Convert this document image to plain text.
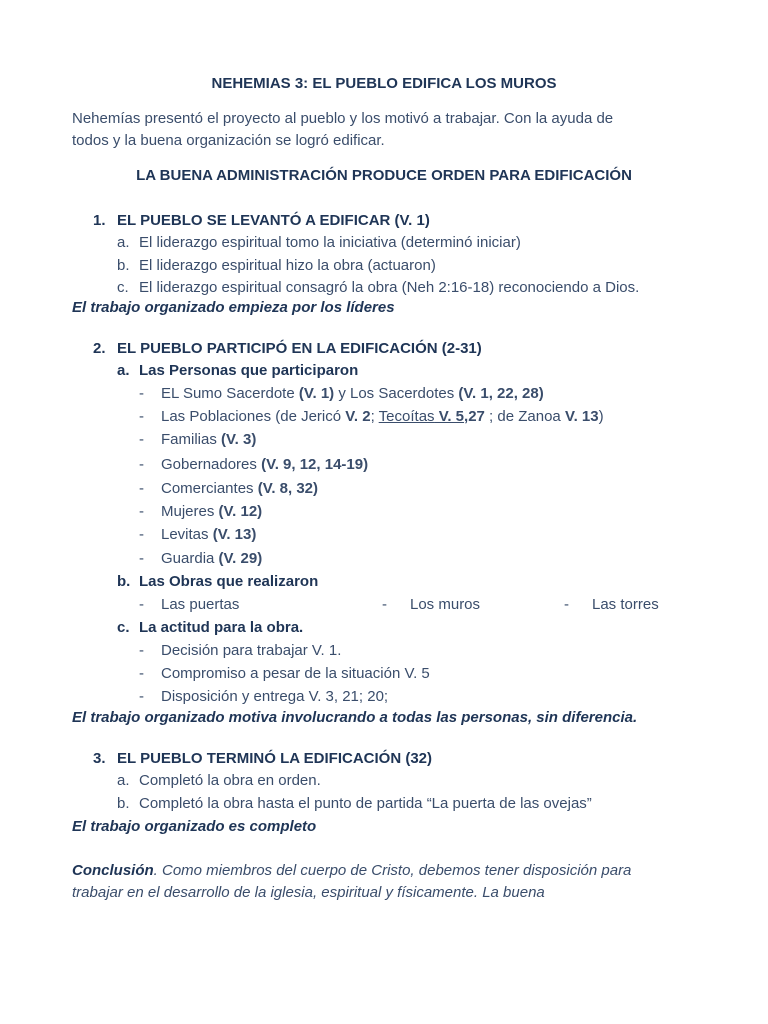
NEHEMIAS 3: EL PUEBLO EDIFICA LOS MUROS
Nehemías presentó el proyecto al pueblo y los motivó a trabajar. Con la ayuda de
todos y la buena organización se logró edificar.
LA BUENA ADMINISTRACIÓN PRODUCE ORDEN PARA EDIFICACIÓN
1. EL PUEBLO SE LEVANTÓ A EDIFICAR (V. 1)
a. El liderazgo espiritual tomo la iniciativa (determinó iniciar)
b. El liderazgo espiritual hizo la obra (actuaron)
c. El liderazgo espiritual consagró la obra (Neh 2:16-18) reconociendo a Dios.
El trabajo organizado empieza por los líderes
2. EL PUEBLO PARTICIPÓ EN LA EDIFICACIÓN (2-31)
a. Las Personas que participaron
- EL Sumo Sacerdote (V. 1) y Los Sacerdotes (V. 1, 22, 28)
- Las Poblaciones (de Jericó V. 2; Tecoítas V. 5,27 ; de Zanoa V. 13)
- Familias (V. 3)
- Gobernadores (V. 9, 12, 14-19)
- Comerciantes (V. 8, 32)
- Mujeres (V. 12)
- Levitas (V. 13)
- Guardia (V. 29)
b. Las Obras que realizaron
- Las puertas	- Los muros	- Las torres
c. La actitud para la obra.
- Decisión para trabajar V. 1.
- Compromiso a pesar de la situación V. 5
- Disposición y entrega V. 3, 21; 20;
El trabajo organizado motiva involucrando a todas las personas, sin diferencia.
3. EL PUEBLO TERMINÓ LA EDIFICACIÓN (32)
a. Completó la obra en orden.
b. Completó la obra hasta el punto de partida “La puerta de las ovejas”
El trabajo organizado es completo
Conclusión. Como miembros del cuerpo de Cristo, debemos tener disposición para
trabajar en el desarrollo de la iglesia, espiritual y físicamente. La buena
